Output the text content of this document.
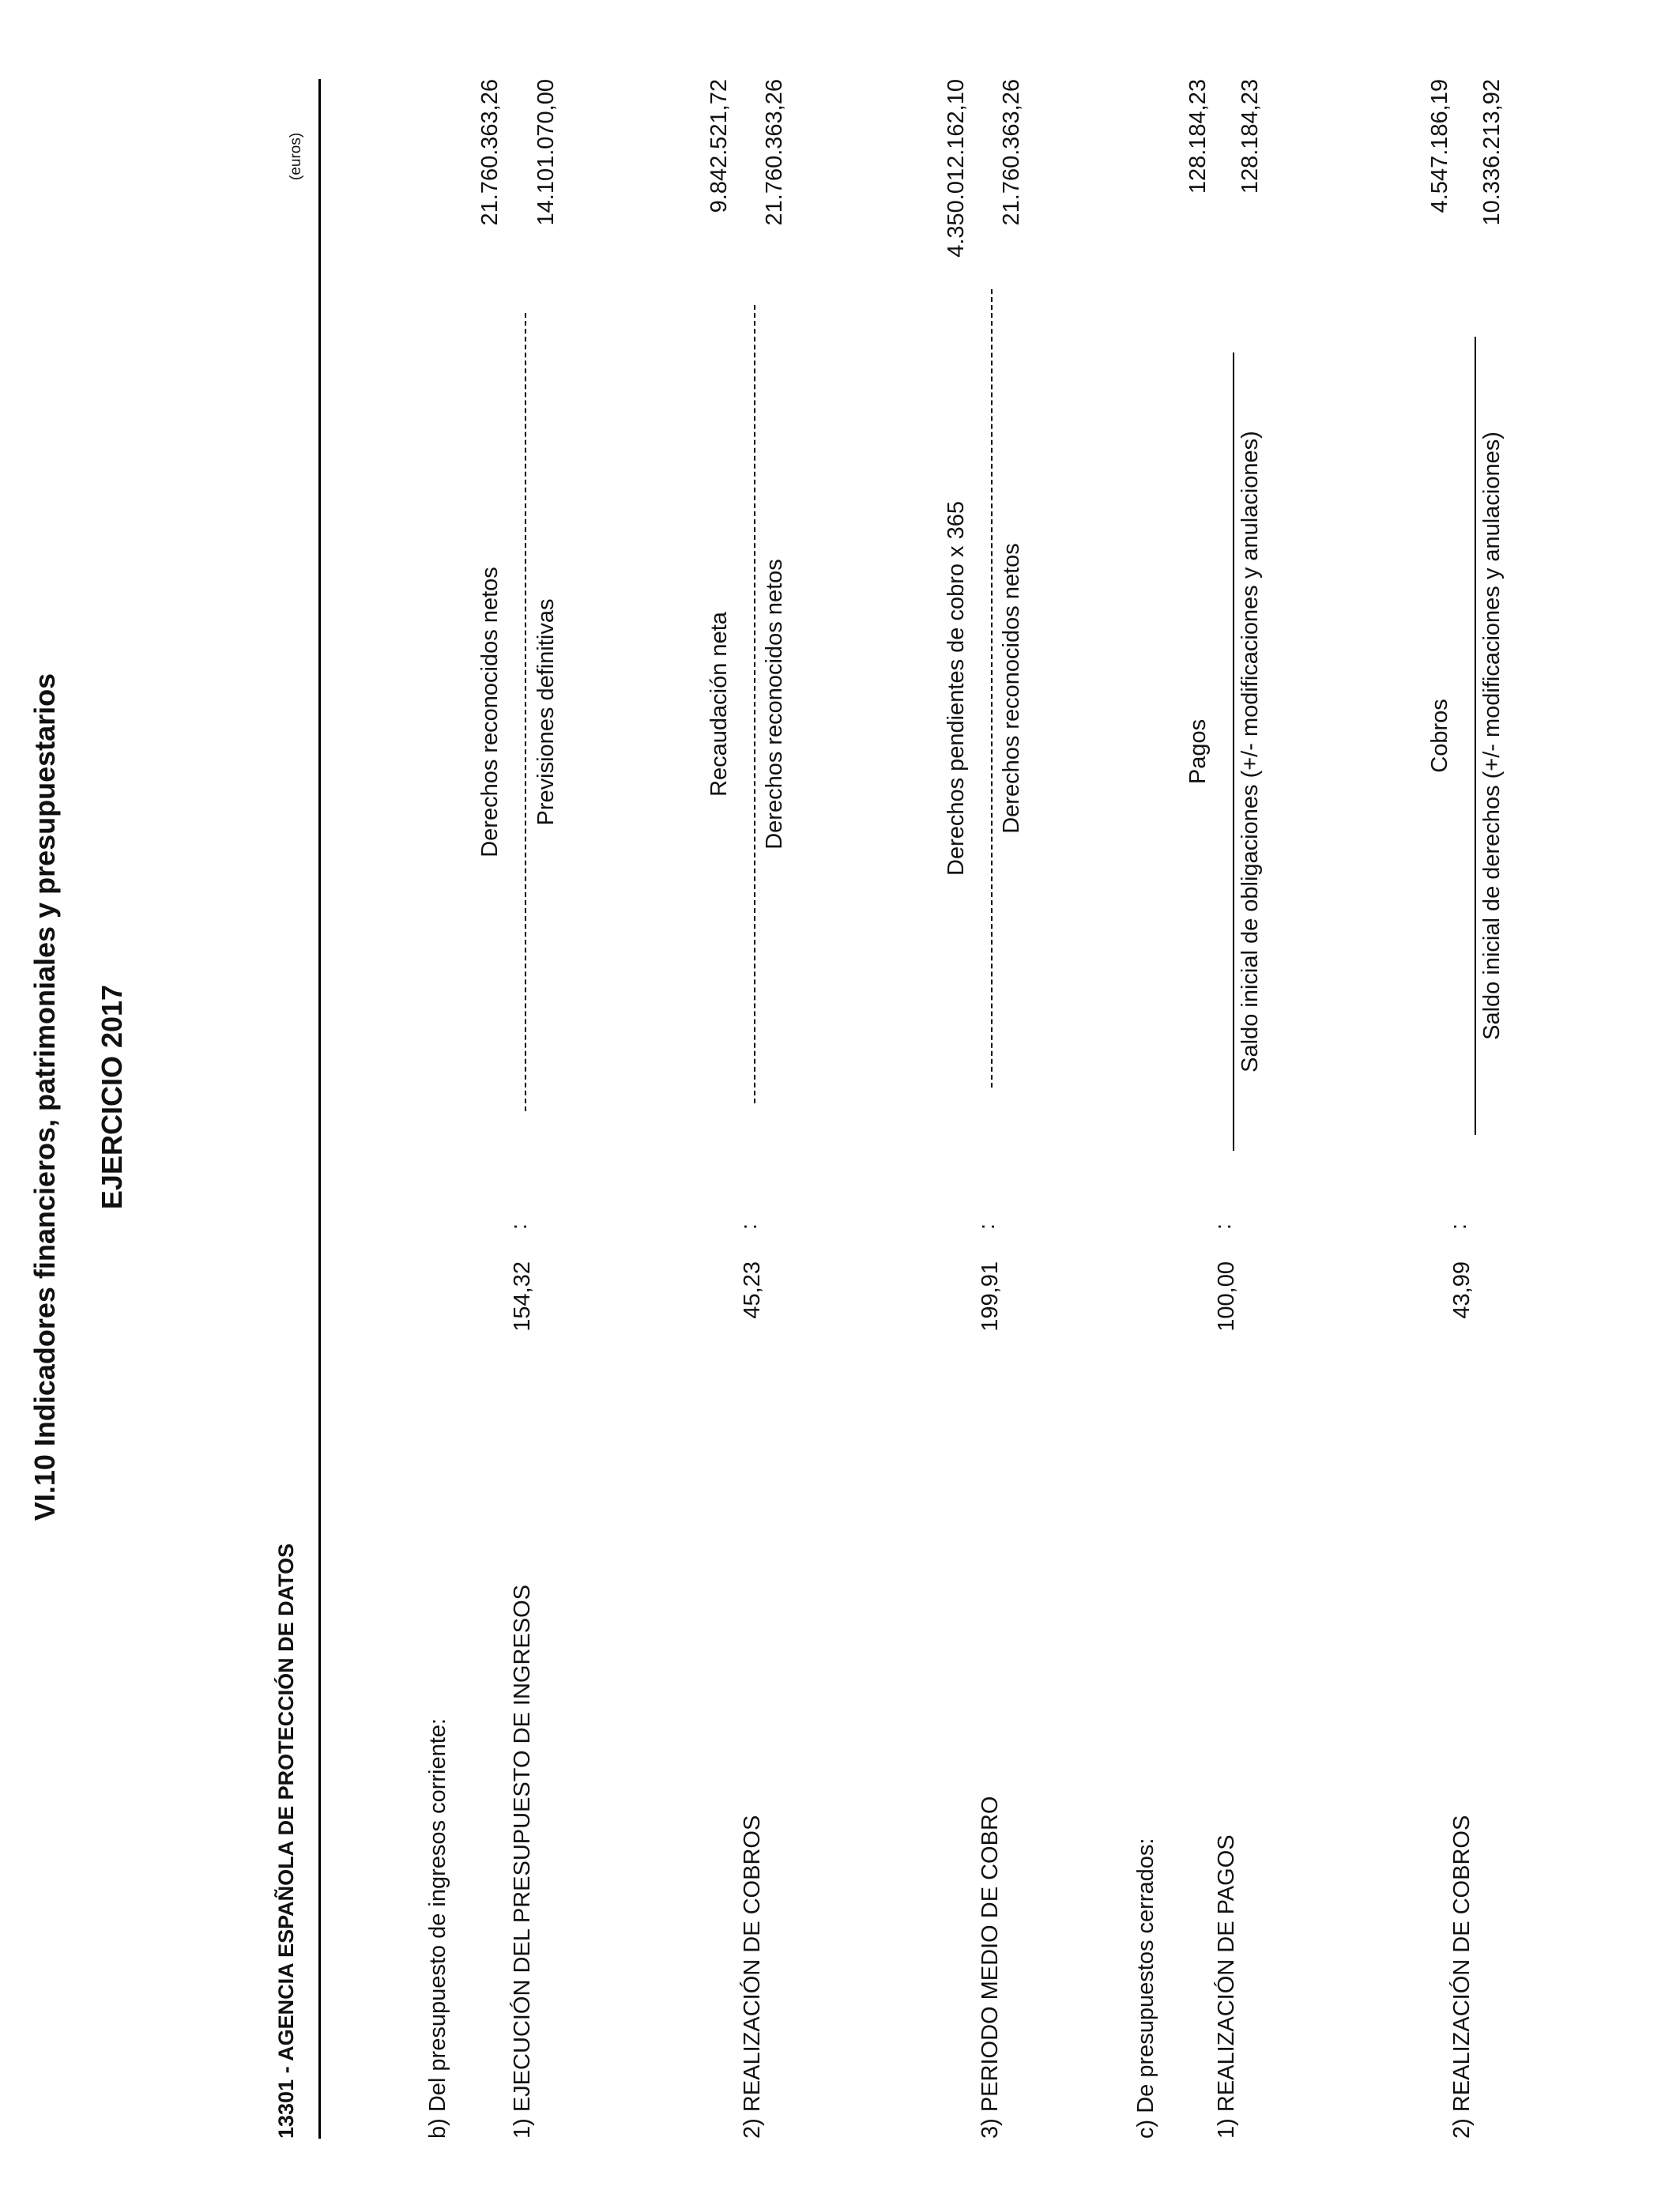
VI.10 Indicadores financieros, patrimoniales y presupuestarios EJERCICIO 2017
13301 - AGENCIA ESPAÑOLA DE PROTECCIÓN DE DATOS
(euros)
b) Del presupuesto de ingresos corriente:	1) EJECUCIÓN DEL PRESUPUESTO DE INGRESOS
154,32
:
Derechos reconocidos netos Previsiones definitivas
21.760.363,26 14.101.070,00
2) REALIZACIÓN DE COBROS
45,23
:
Recaudación neta Derechos reconocidos netos
9.842.521,72 21.760.363,26
3) PERIODO MEDIO DE COBRO
199,91
:
Derechos pendientes de cobro x 365 Derechos reconocidos netos
4.350.012.162,10 21.760.363,26
c) De presupuestos cerrados: 1) REALIZACIÓN DE PAGOS
100,00
:
Pagos Saldo inicial de obligaciones (+/- modificaciones y anulaciones)
128.184,23 128.184,23
2) REALIZACIÓN DE COBROS
43,99
:
Cobros Saldo inicial de derechos (+/- modificaciones y anulaciones)
4.547.186,19 10.336.213,92
